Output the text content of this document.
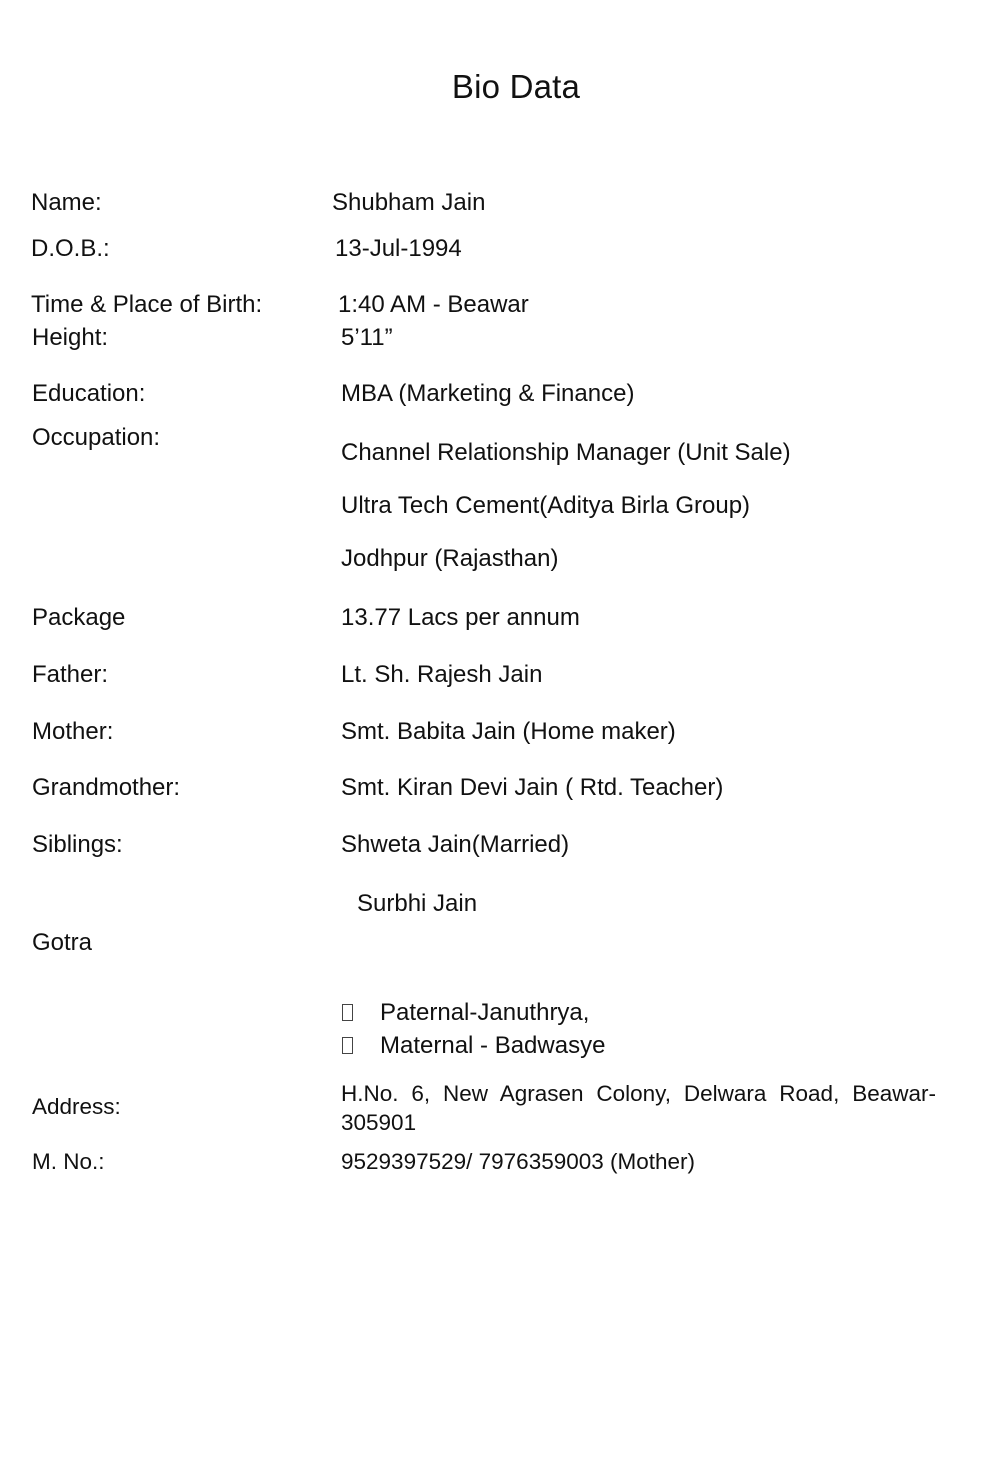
Bio Data
Name:	Shubham Jain
D.O.B.:	13-Jul-1994
Time & Place of Birth:	1:40 AM - Beawar
Height:	5’11”
Education:	MBA (Marketing & Finance)
Occupation:
Channel Relationship Manager (Unit Sale)
Ultra Tech Cement(Aditya Birla Group)
Jodhpur (Rajasthan)
Package	13.77 Lacs per annum
Father:	Lt. Sh. Rajesh Jain
Mother:	Smt. Babita Jain (Home maker)
Grandmother:	Smt. Kiran Devi Jain ( Rtd. Teacher)
Siblings:	Shweta Jain(Married)
Surbhi Jain
Gotra
Paternal-Januthrya,
Maternal - Badwasye
Address:
H.No. 6, New Agrasen Colony, Delwara Road, Beawar-305901
M. No.:	9529397529/ 7976359003 (Mother)
